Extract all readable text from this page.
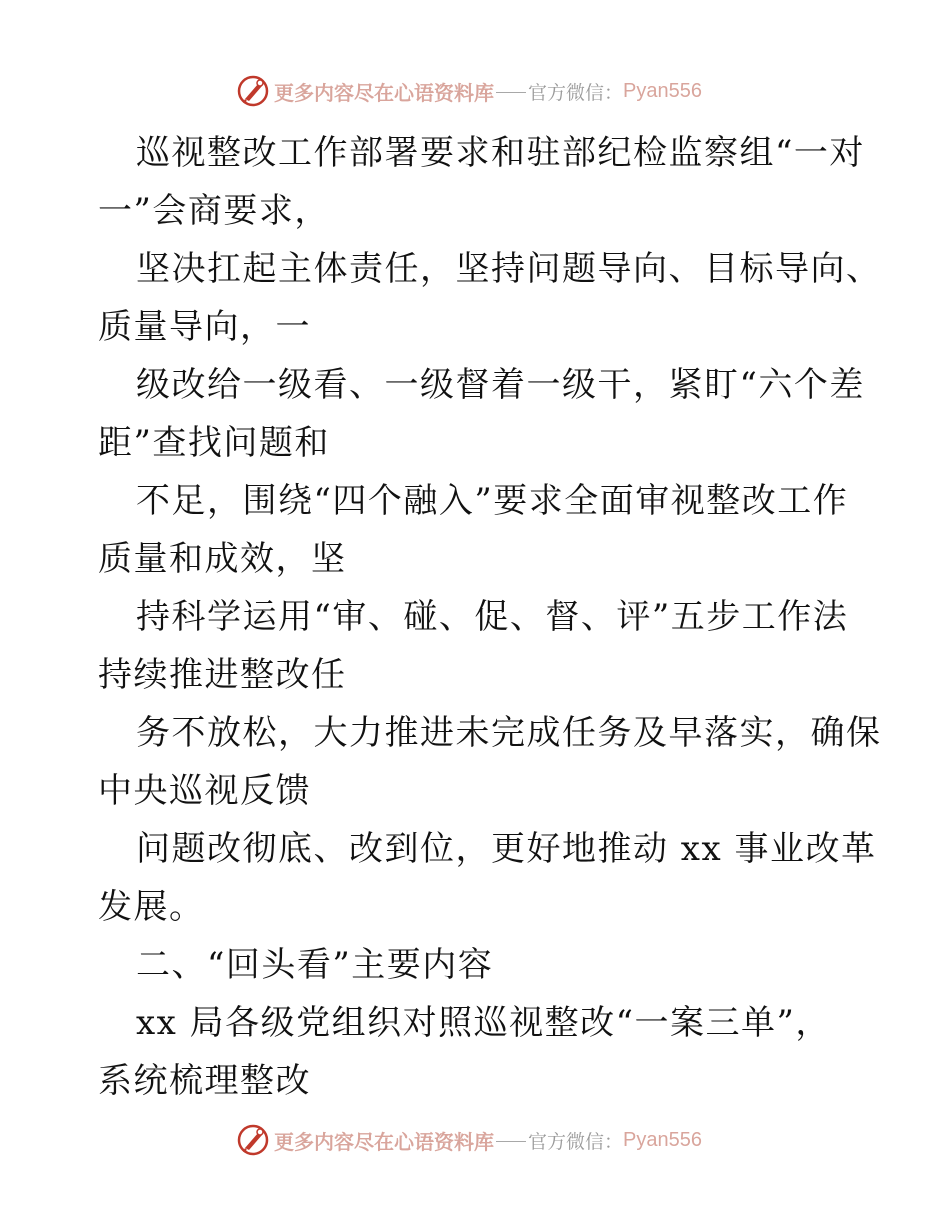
更多内容尽在心语资料库 官方微信： Pyan556
巡视整改工作部署要求和驻部纪检监察组“一对
一”会商要求，
坚决扛起主体责任，坚持问题导向、目标导向、
质量导向，一
级改给一级看、一级督着一级干，紧盯“六个差
距”查找问题和
不足，围绕“四个融入”要求全面审视整改工作
质量和成效，坚
持科学运用“审、碰、促、督、评”五步工作法
持续推进整改任
务不放松，大力推进未完成任务及早落实，确保
中央巡视反馈
问题改彻底、改到位，更好地推动 xx 事业改革
发展。
二、“回头看”主要内容
xx 局各级党组织对照巡视整改“一案三单”，
系统梳理整改
更多内容尽在心语资料库 官方微信： Pyan556
